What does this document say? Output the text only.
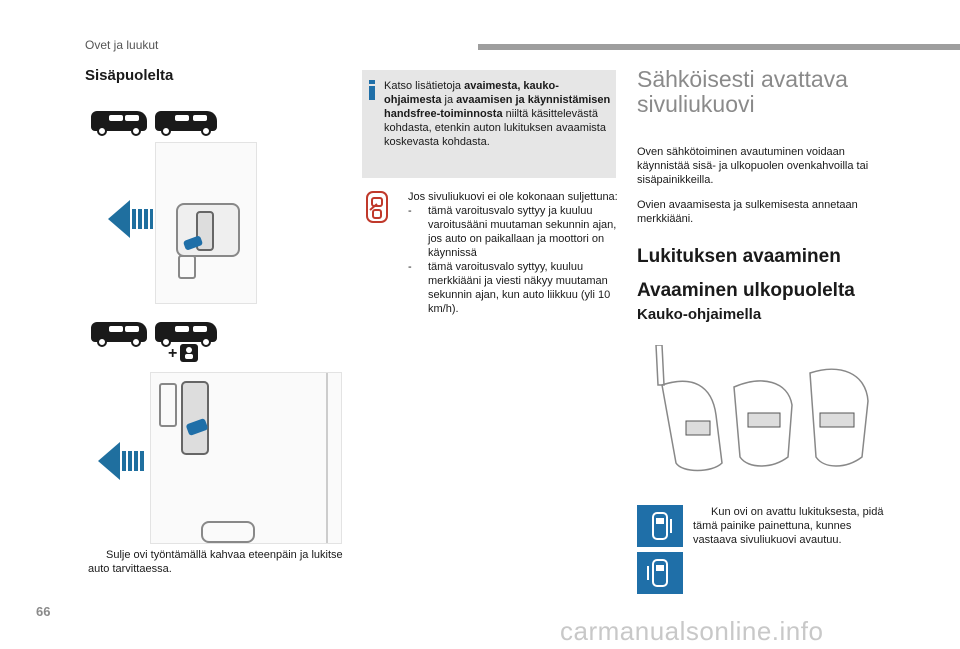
Ovet ja luukut
Sisäpuolelta
+
Sulje ovi työntämällä kahvaa eteenpäin ja lukitse auto tarvittaessa.
Katso lisätietoja avaimesta, kauko-ohjaimesta ja avaamisen ja käynnistämisen handsfree-toiminnosta niiltä käsittelevästä kohdasta, etenkin auton lukituksen avaamista koskevasta kohdasta.
Jos sivuliukuovi ei ole kokonaan suljettuna:
- tämä varoitusvalo syttyy ja kuuluu varoitusääni muutaman sekunnin ajan, jos auto on paikallaan ja moottori on käynnissä
- tämä varoitusvalo syttyy, kuuluu merkkiääni ja viesti näkyy muutaman sekunnin ajan, kun auto liikkuu (yli 10 km/h).
Sähköisesti avattava sivuliukuovi
Oven sähkötoiminen avautuminen voidaan käynnistää sisä- ja ulkopuolen ovenkahvoilla tai sisäpainikkeilla.
Ovien avaamisesta ja sulkemisesta annetaan merkkiääni.
Lukituksen avaaminen
Avaaminen ulkopuolelta
Kauko-ohjaimella
Kun ovi on avattu lukituksesta, pidä tämä painike painettuna, kunnes vastaava sivuliukuovi avautuu.
66
carmanualsonline.info
